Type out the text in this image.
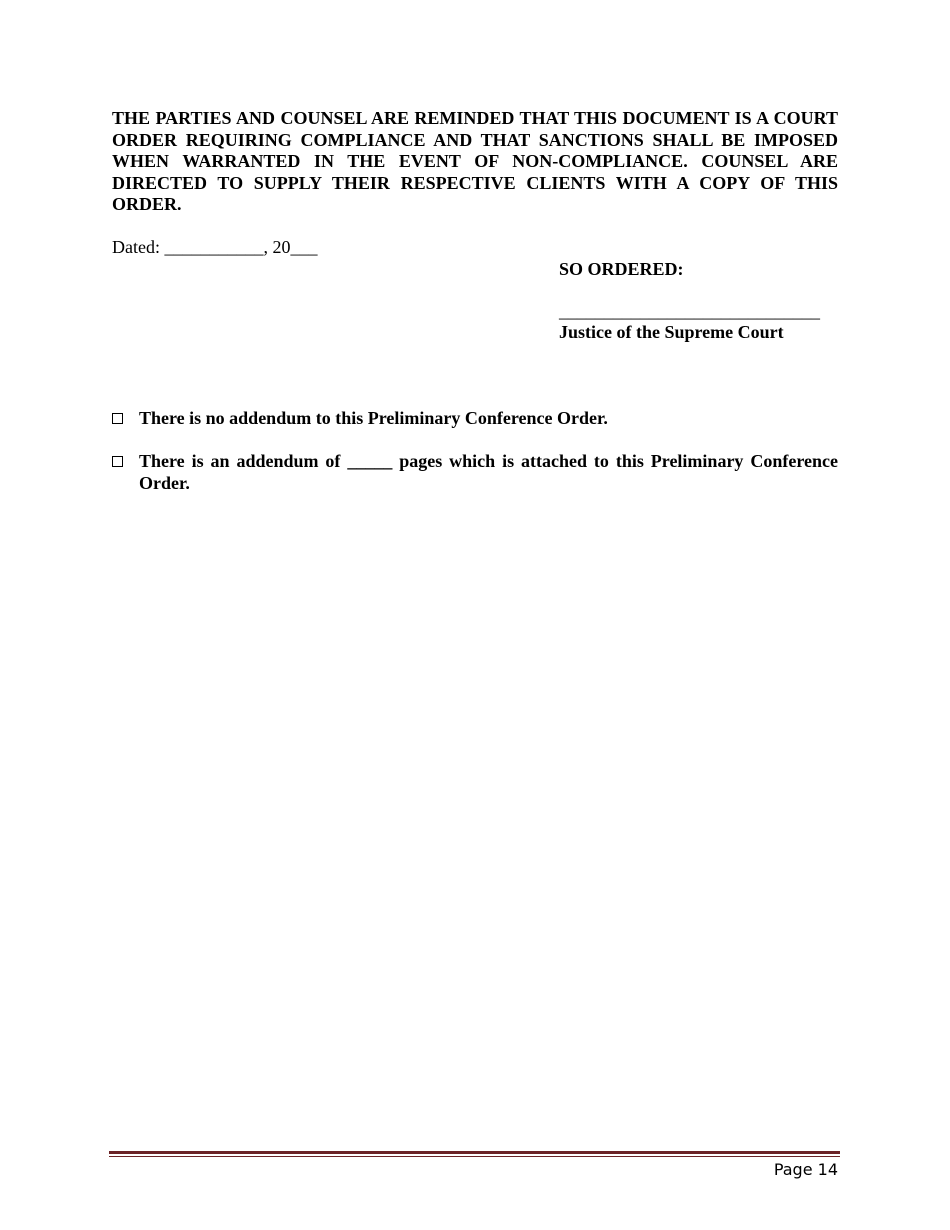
THE PARTIES AND COUNSEL ARE REMINDED THAT THIS DOCUMENT IS A COURT ORDER REQUIRING COMPLIANCE AND THAT SANCTIONS SHALL BE IMPOSED WHEN WARRANTED IN THE EVENT OF NON-COMPLIANCE. COUNSEL ARE DIRECTED TO SUPPLY THEIR RESPECTIVE CLIENTS WITH A COPY OF THIS ORDER.

Dated: ___________, 20___

SO ORDERED:

_____________________________

Justice of the Supreme Court

There is no addendum to this Preliminary Conference Order.
There is an addendum of _____ pages which is attached to this Preliminary Conference Order.

Page 14
